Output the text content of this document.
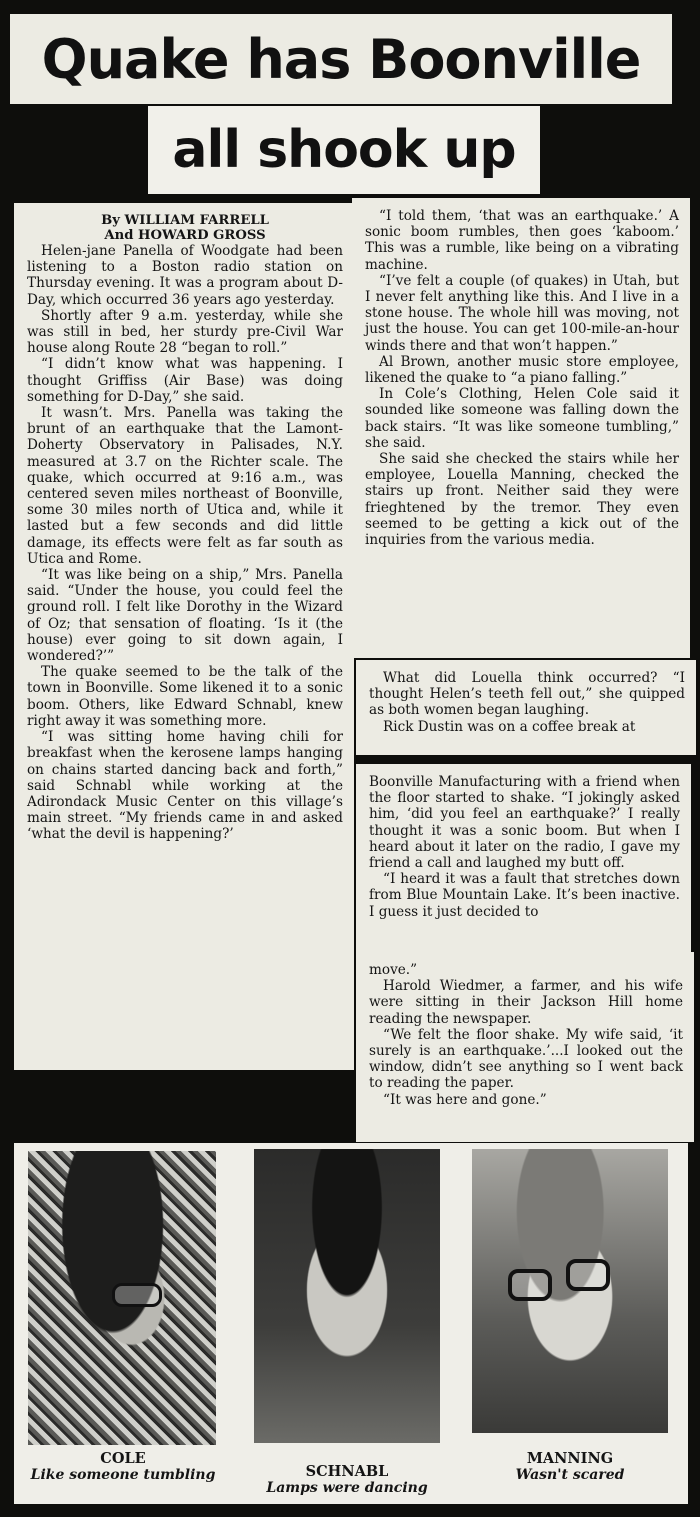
Quake has Boonville
all shook up

By WILLIAM FARRELL
And HOWARD GROSS

Helen-jane Panella of Woodgate had been listening to a Boston radio station on Thursday evening. It was a program about D-Day, which occurred 36 years ago yesterday.

Shortly after 9 a.m. yesterday, while she was still in bed, her sturdy pre-Civil War house along Route 28 “began to roll.”

“I didn’t know what was happening. I thought Griffiss (Air Base) was doing something for D-Day,” she said.

It wasn’t. Mrs. Panella was taking the brunt of an earthquake that the Lamont-Doherty Observatory in Palisades, N.Y. measured at 3.7 on the Richter scale. The quake, which occurred at 9:16 a.m., was centered seven miles northeast of Boonville, some 30 miles north of Utica and, while it lasted but a few seconds and did little damage, its effects were felt as far south as Utica and Rome.

“It was like being on a ship,” Mrs. Panella said. “Under the house, you could feel the ground roll. I felt like Dorothy in the Wizard of Oz; that sensation of floating. ‘Is it (the house) ever going to sit down again, I wondered?’”

The quake seemed to be the talk of the town in Boonville. Some likened it to a sonic boom. Others, like Edward Schnabl, knew right away it was something more.

“I was sitting home having chili for breakfast when the kerosene lamps hanging on chains started dancing back and forth,” said Schnabl while working at the Adirondack Music Center on this village’s main street. “My friends came in and asked ‘what the devil is happening?’

“I told them, ‘that was an earthquake.’ A sonic boom rumbles, then goes ‘kaboom.’ This was a rumble, like being on a vibrating machine.

“I’ve felt a couple (of quakes) in Utah, but I never felt anything like this. And I live in a stone house. The whole hill was moving, not just the house. You can get 100-mile-an-hour winds there and that won’t happen.”

Al Brown, another music store employee, likened the quake to “a piano falling.”

In Cole’s Clothing, Helen Cole said it sounded like someone was falling down the back stairs. “It was like someone tumbling,” she said.

She said she checked the stairs while her employee, Louella Manning, checked the stairs up front. Neither said they were frieghtened by the tremor. They even seemed to be getting a kick out of the inquiries from the various media.

What did Louella think occurred? “I thought Helen’s teeth fell out,” she quipped as both women began laughing.

Rick Dustin was on a coffee break at

Boonville Manufacturing with a friend when the floor started to shake. “I jokingly asked him, ‘did you feel an earthquake?’ I really thought it was a sonic boom. But when I heard about it later on the radio, I gave my friend a call and laughed my butt off.

“I heard it was a fault that stretches down from Blue Mountain Lake. It’s been inactive. I guess it just decided to

move.”

Harold Wiedmer, a farmer, and his wife were sitting in their Jackson Hill home reading the newspaper.

“We felt the floor shake. My wife said, ‘it surely is an earthquake.’...I looked out the window, didn’t see anything so I went back to reading the paper.

“It was here and gone.”

COLE
Like someone tumbling	SCHNABL
Lamps were dancing
MANNING
Wasn't scared
